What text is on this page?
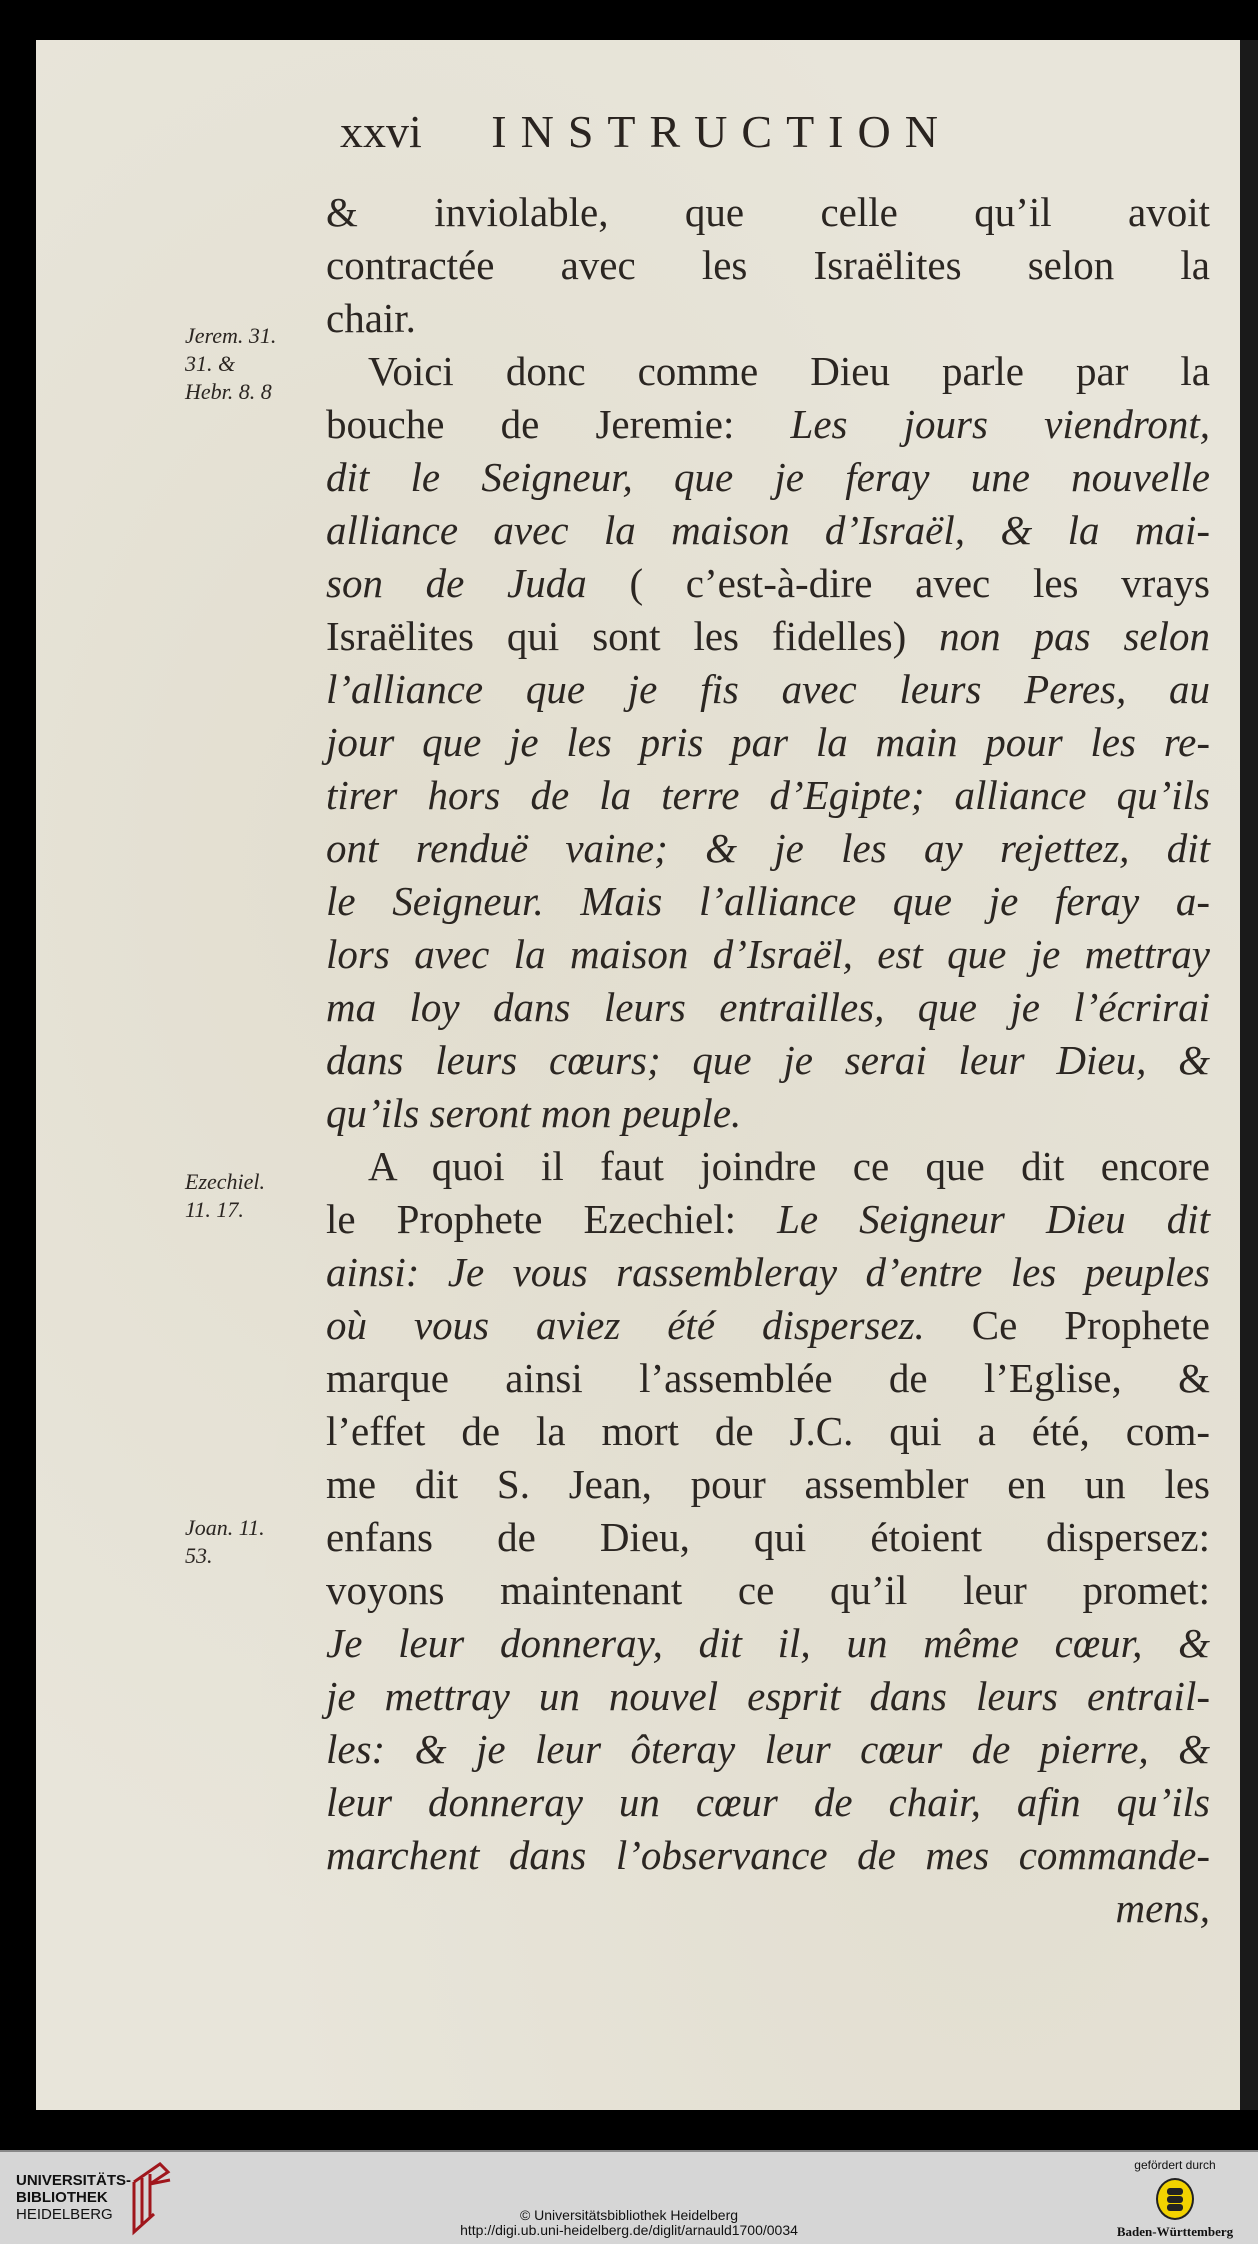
xxvi INSTRUCTION
Jerem. 31.
31. &
Hebr. 8. 8
Ezechiel.
11. 17.
Joan. 11.
53.
& inviolable, que celle qu’il avoit
contractée avec les Israëlites selon la
chair.
Voici donc comme Dieu parle par la
bouche de Jeremie: Les jours viendront,
dit le Seigneur, que je feray une nouvelle
alliance avec la maison d’Israël, & la mai-
son de Juda ( c’est-à-dire avec les vrays
Israëlites qui sont les fidelles) non pas selon
l’alliance que je fis avec leurs Peres, au
jour que je les pris par la main pour les re-
tirer hors de la terre d’Egipte; alliance qu’ils
ont renduë vaine; & je les ay rejettez, dit
le Seigneur. Mais l’alliance que je feray a-
lors avec la maison d’Israël, est que je mettray
ma loy dans leurs entrailles, que je l’écrirai
dans leurs cœurs; que je serai leur Dieu, &
qu’ils seront mon peuple.
A quoi il faut joindre ce que dit encore
le Prophete Ezechiel: Le Seigneur Dieu dit
ainsi: Je vous rassembleray d’entre les peuples
où vous aviez été dispersez. Ce Prophete
marque ainsi l’assemblée de l’Eglise, &
l’effet de la mort de J.C. qui a été, com-
me dit S. Jean, pour assembler en un les
enfans de Dieu, qui étoient dispersez:
voyons maintenant ce qu’il leur promet:
Je leur donneray, dit il, un même cœur, &
je mettray un nouvel esprit dans leurs entrail-
les: & je leur ôteray leur cœur de pierre, &
leur donneray un cœur de chair, afin qu’ils
marchent dans l’observance de mes commande-
mens,
UNIVERSITÄTS-
BIBLIOTHEK
HEIDELBERG	© Universitätsbibliothek Heidelberg
http://digi.ub.uni-heidelberg.de/diglit/arnauld1700/0034
gefördert durch
Baden-Württemberg
